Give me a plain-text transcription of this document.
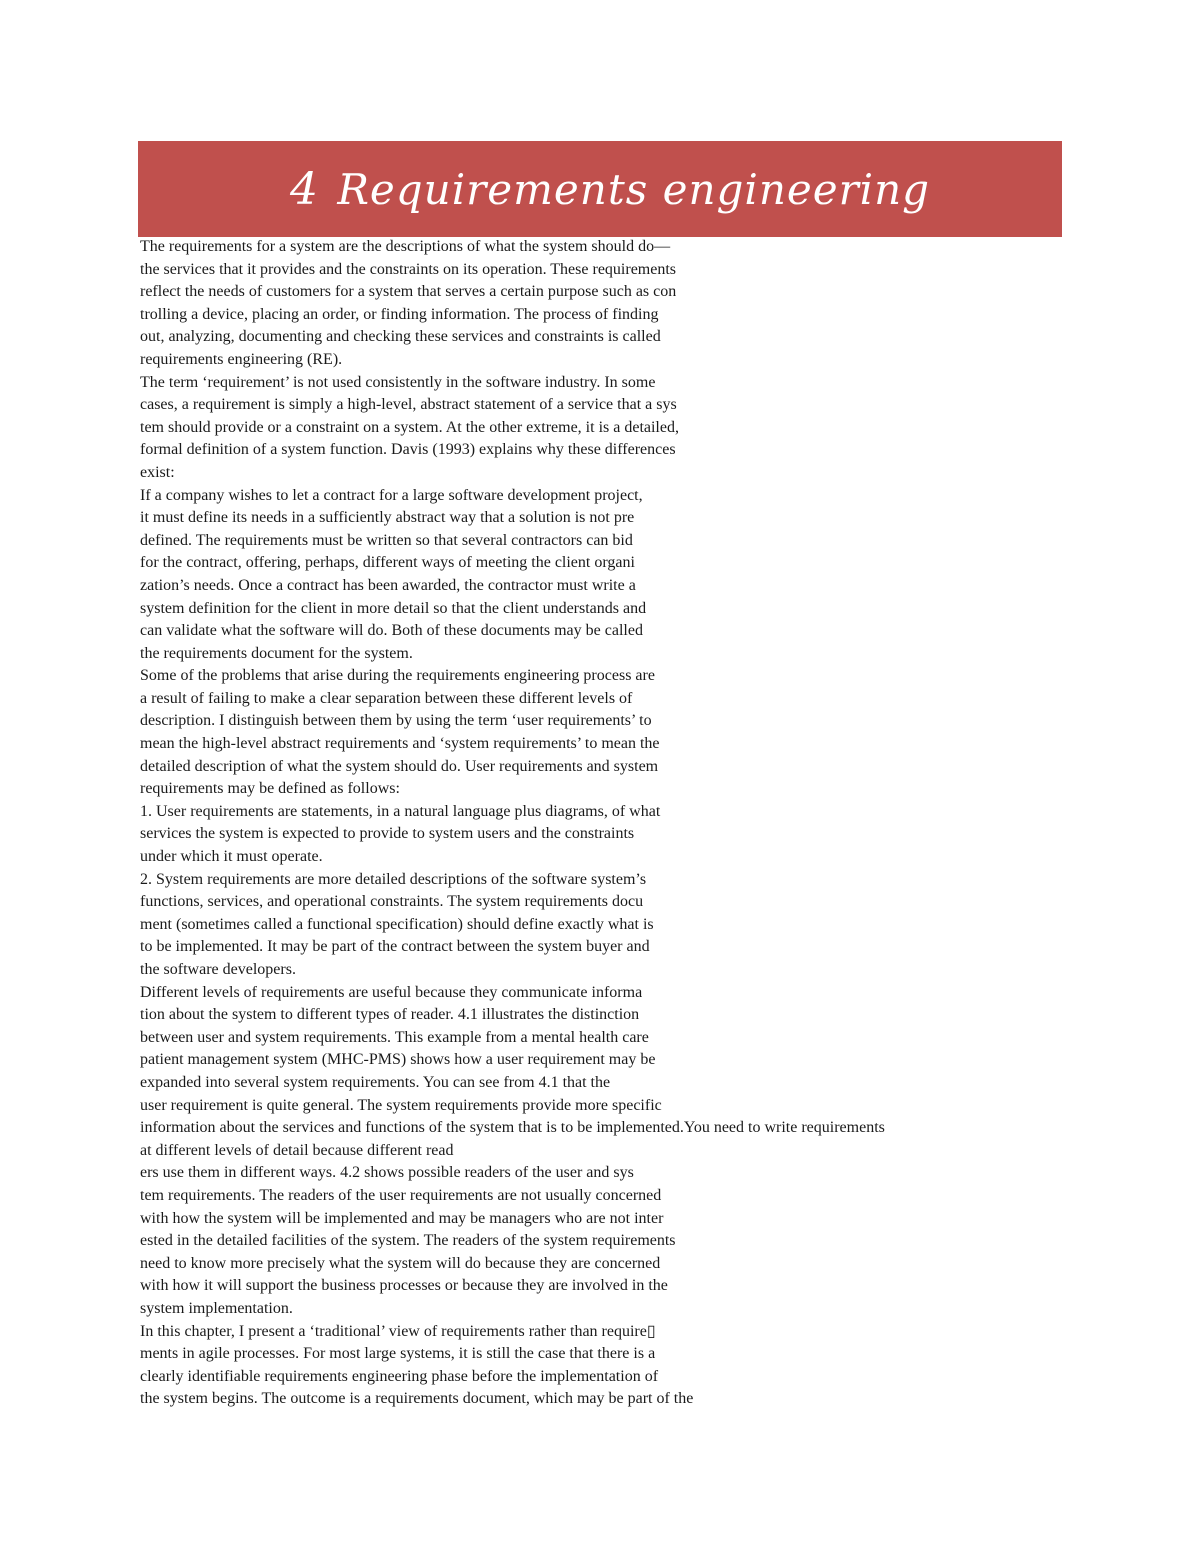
4 Requirements engineering
The requirements for a system are the descriptions of what the system should do—
the services that it provides and the constraints on its operation. These requirements
reflect the needs of customers for a system that serves a certain purpose such as con
trolling a device, placing an order, or finding information. The process of finding
out, analyzing, documenting and checking these services and constraints is called
requirements engineering (RE).
The term ‘requirement’ is not used consistently in the software industry. In some
cases, a requirement is simply a high-level, abstract statement of a service that a sys
tem should provide or a constraint on a system. At the other extreme, it is a detailed,
formal definition of a system function. Davis (1993) explains why these differences
exist:
If a company wishes to let a contract for a large software development project,
it must define its needs in a sufficiently abstract way that a solution is not pre
defined. The requirements must be written so that several contractors can bid
for the contract, offering, perhaps, different ways of meeting the client organi
zation’s needs. Once a contract has been awarded, the contractor must write a
system definition for the client in more detail so that the client understands and
can validate what the software will do. Both of these documents may be called
the requirements document for the system.
Some of the problems that arise during the requirements engineering process are
a result of failing to make a clear separation between these different levels of
description. I distinguish between them by using the term ‘user requirements’ to
mean the high-level abstract requirements and ‘system requirements’ to mean the
detailed description of what the system should do. User requirements and system
requirements may be defined as follows:
1. User requirements are statements, in a natural language plus diagrams, of what
services the system is expected to provide to system users and the constraints
under which it must operate.
2. System requirements are more detailed descriptions of the software system’s
functions, services, and operational constraints. The system requirements docu
ment (sometimes called a functional specification) should define exactly what is
to be implemented. It may be part of the contract between the system buyer and
the software developers.
Different levels of requirements are useful because they communicate informa
tion about the system to different types of reader. 4.1 illustrates the distinction
between user and system requirements. This example from a mental health care
patient management system (MHC-PMS) shows how a user requirement may be
expanded into several system requirements. You can see from 4.1 that the
user requirement is quite general. The system requirements provide more specific
information about the services and functions of the system that is to be implemented.You need to write requirements
at different levels of detail because different read
ers use them in different ways. 4.2 shows possible readers of the user and sys
tem requirements. The readers of the user requirements are not usually concerned
with how the system will be implemented and may be managers who are not inter
ested in the detailed facilities of the system. The readers of the system requirements
need to know more precisely what the system will do because they are concerned
with how it will support the business processes or because they are involved in the
system implementation.
In this chapter, I present a ‘traditional’ view of requirements rather than require▯
ments in agile processes. For most large systems, it is still the case that there is a
clearly identifiable requirements engineering phase before the implementation of
the system begins. The outcome is a requirements document, which may be part of the
